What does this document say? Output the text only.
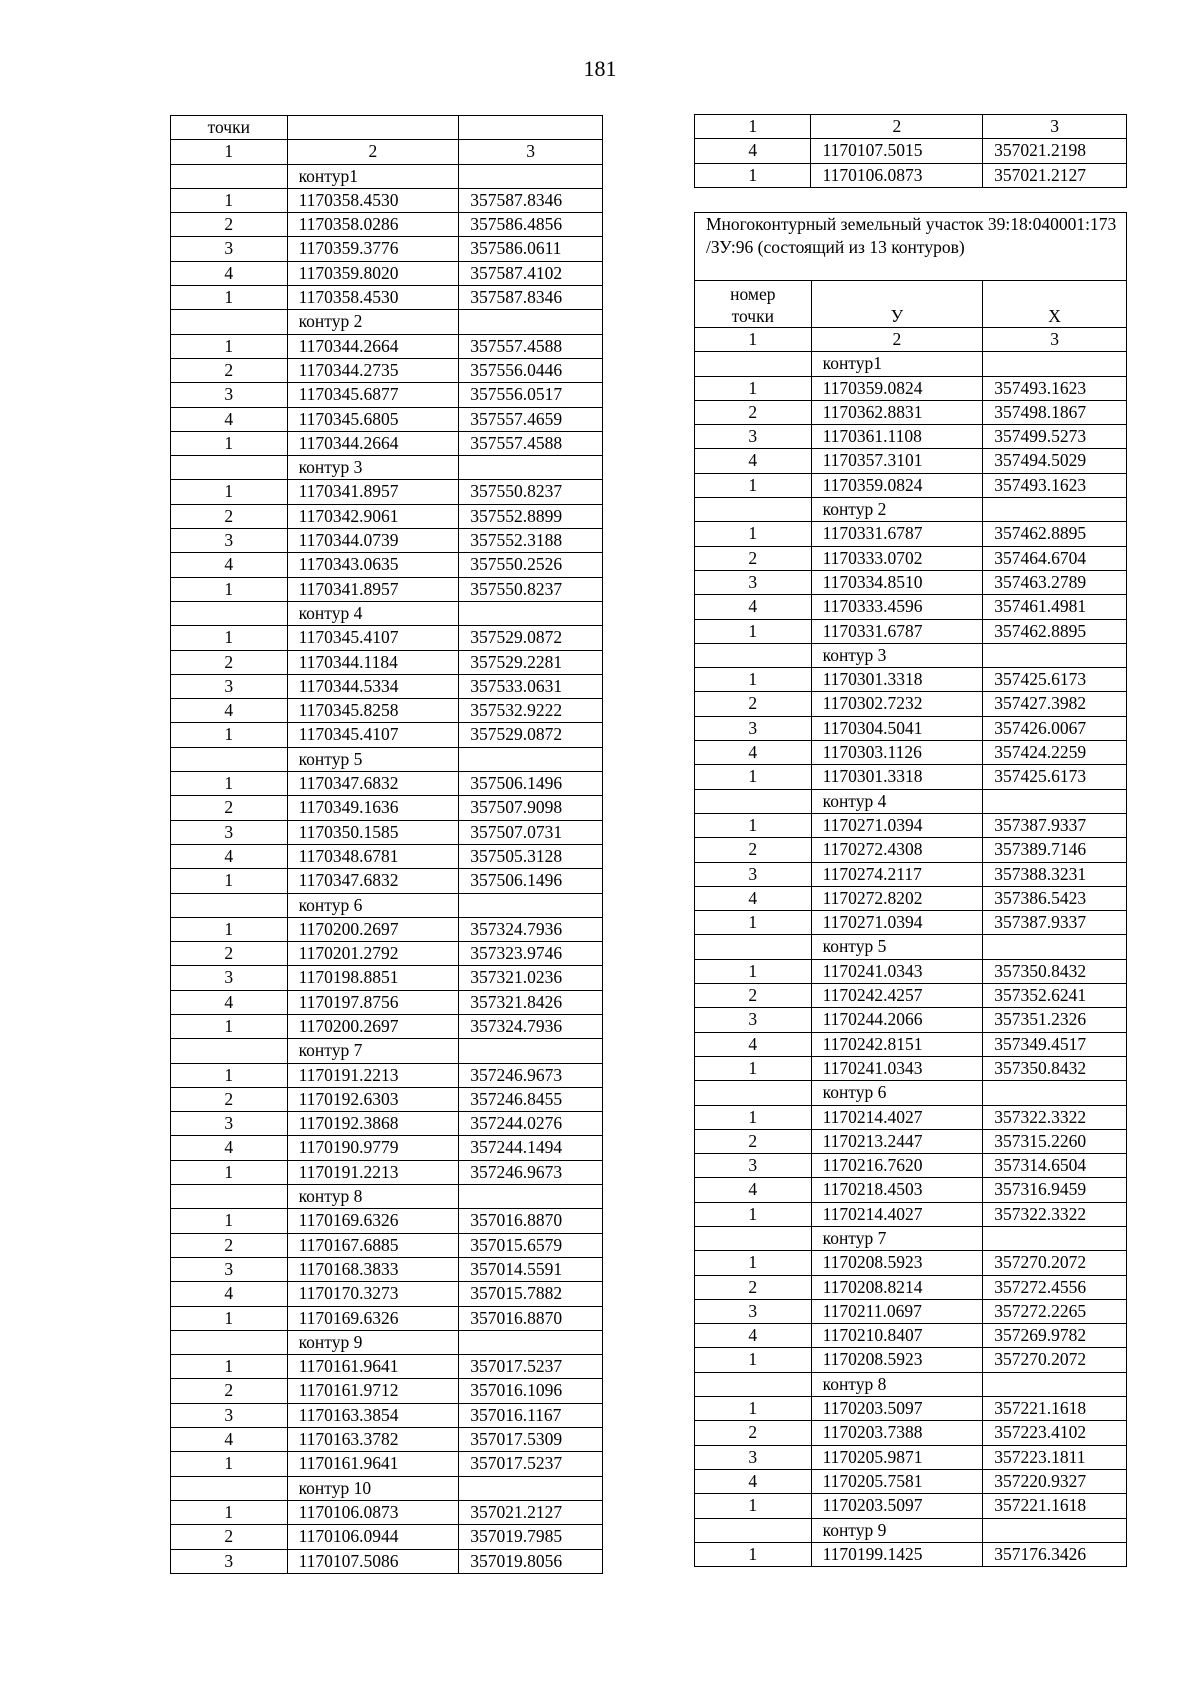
181
точки		
1	2	3
	контур1	
1	1170358.4530	357587.8346
2	1170358.0286	357586.4856
3	1170359.3776	357586.0611
4	1170359.8020	357587.4102
1	1170358.4530	357587.8346
	контур 2	
1	1170344.2664	357557.4588
2	1170344.2735	357556.0446
3	1170345.6877	357556.0517
4	1170345.6805	357557.4659
1	1170344.2664	357557.4588
	контур 3	
1	1170341.8957	357550.8237
2	1170342.9061	357552.8899
3	1170344.0739	357552.3188
4	1170343.0635	357550.2526
1	1170341.8957	357550.8237
	контур 4	
1	1170345.4107	357529.0872
2	1170344.1184	357529.2281
3	1170344.5334	357533.0631
4	1170345.8258	357532.9222
1	1170345.4107	357529.0872
	контур 5	
1	1170347.6832	357506.1496
2	1170349.1636	357507.9098
3	1170350.1585	357507.0731
4	1170348.6781	357505.3128
1	1170347.6832	357506.1496
	контур 6	
1	1170200.2697	357324.7936
2	1170201.2792	357323.9746
3	1170198.8851	357321.0236
4	1170197.8756	357321.8426
1	1170200.2697	357324.7936
	контур 7	
1	1170191.2213	357246.9673
2	1170192.6303	357246.8455
3	1170192.3868	357244.0276
4	1170190.9779	357244.1494
1	1170191.2213	357246.9673
	контур 8	
1	1170169.6326	357016.8870
2	1170167.6885	357015.6579
3	1170168.3833	357014.5591
4	1170170.3273	357015.7882
1	1170169.6326	357016.8870
	контур 9	
1	1170161.9641	357017.5237
2	1170161.9712	357016.1096
3	1170163.3854	357016.1167
4	1170163.3782	357017.5309
1	1170161.9641	357017.5237
	контур 10	
1	1170106.0873	357021.2127
2	1170106.0944	357019.7985
3	1170107.5086	357019.8056
1	2	3
4	1170107.5015	357021.2198
1	1170106.0873	357021.2127
Многоконтурный земельный участок 39:18:040001:173 /ЗУ:96 (состоящий из 13 контуров)		

номер
точки	У	Х
1	2	3
	контур1	
1	1170359.0824	357493.1623
2	1170362.8831	357498.1867
3	1170361.1108	357499.5273
4	1170357.3101	357494.5029
1	1170359.0824	357493.1623
	контур 2	
1	1170331.6787	357462.8895
2	1170333.0702	357464.6704
3	1170334.8510	357463.2789
4	1170333.4596	357461.4981
1	1170331.6787	357462.8895
	контур 3	
1	1170301.3318	357425.6173
2	1170302.7232	357427.3982
3	1170304.5041	357426.0067
4	1170303.1126	357424.2259
1	1170301.3318	357425.6173
	контур 4	
1	1170271.0394	357387.9337
2	1170272.4308	357389.7146
3	1170274.2117	357388.3231
4	1170272.8202	357386.5423
1	1170271.0394	357387.9337
	контур 5	
1	1170241.0343	357350.8432
2	1170242.4257	357352.6241
3	1170244.2066	357351.2326
4	1170242.8151	357349.4517
1	1170241.0343	357350.8432
	контур 6	
1	1170214.4027	357322.3322
2	1170213.2447	357315.2260
3	1170216.7620	357314.6504
4	1170218.4503	357316.9459
1	1170214.4027	357322.3322
	контур 7	
1	1170208.5923	357270.2072
2	1170208.8214	357272.4556
3	1170211.0697	357272.2265
4	1170210.8407	357269.9782
1	1170208.5923	357270.2072
	контур 8	
1	1170203.5097	357221.1618
2	1170203.7388	357223.4102
3	1170205.9871	357223.1811
4	1170205.7581	357220.9327
1	1170203.5097	357221.1618
	контур 9	
1	1170199.1425	357176.3426
